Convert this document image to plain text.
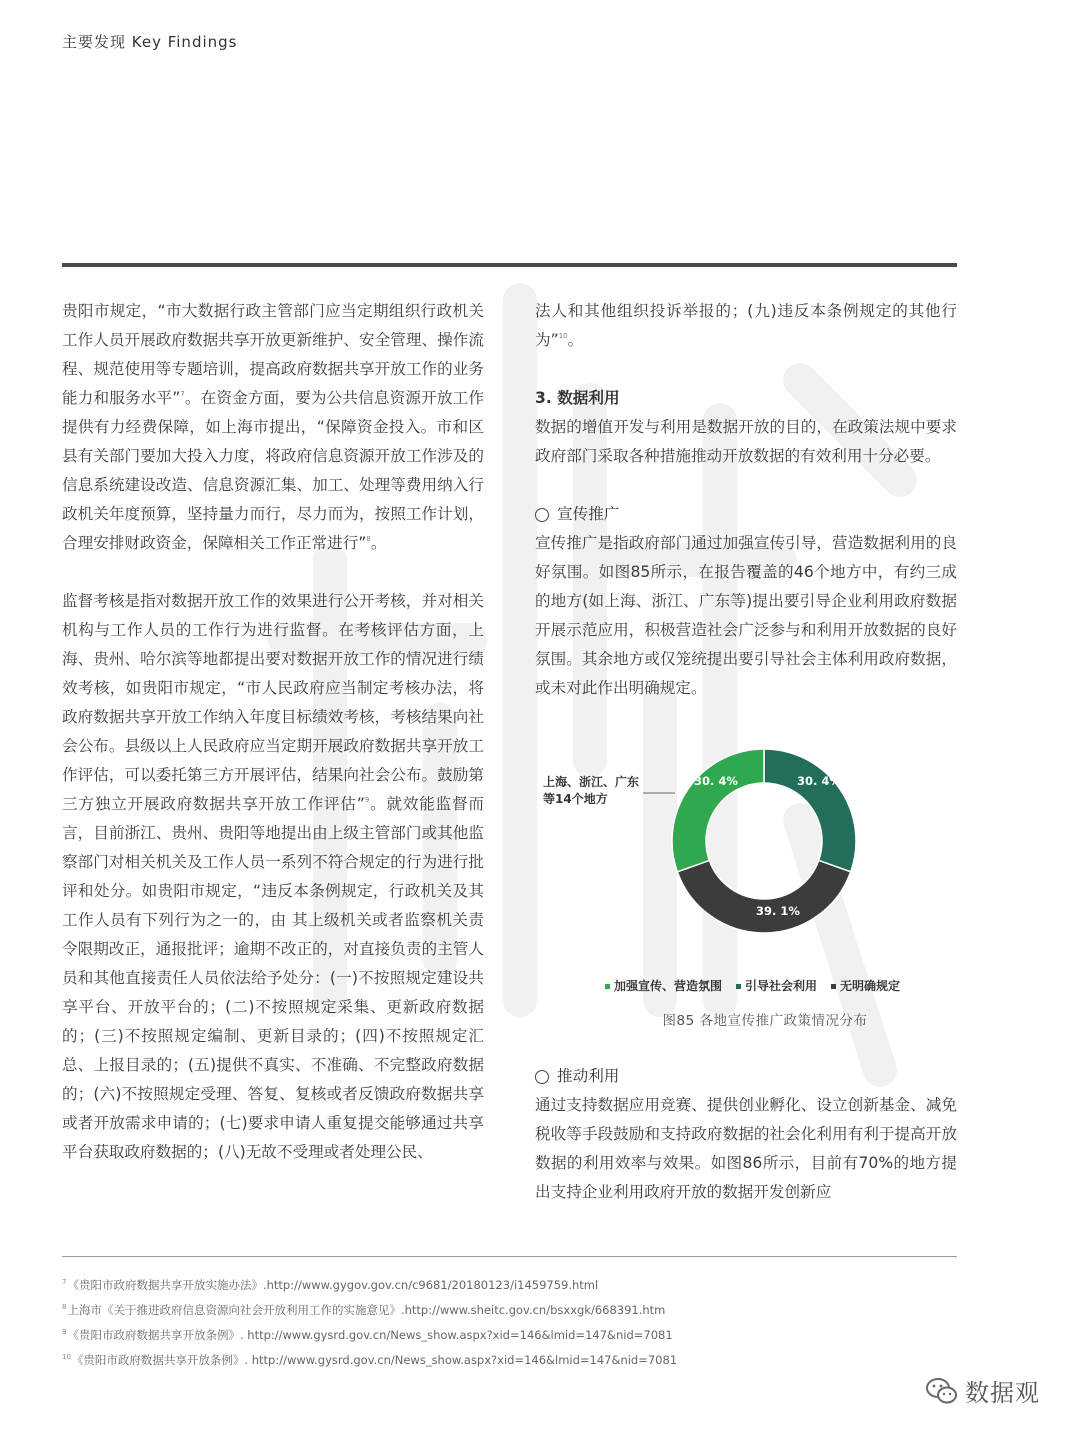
主要发现 Key Findings

贵阳市规定，“市大数据行政主管部门应当定期组织行政机关工作人员开展政府数据共享开放更新维护、安全管理、操作流程、规范使用等专题培训，提高政府数据共享开放工作的业务能力和服务水平”$^7$。在资金方面，要为公共信息资源开放工作提供有力经费保障，如上海市提出，“保障资金投入。市和区县有关部门要加大投入力度，将政府信息资源开放工作涉及的信息系统建设改造、信息资源汇集、加工、处理等费用纳入行政机关年度预算，坚持量力而行，尽力而为，按照工作计划，合理安排财政资金，保障相关工作正常进行”$^8$。

监督考核是指对数据开放工作的效果进行公开考核，并对相关机构与工作人员的工作行为进行监督。在考核评估方面，上海、贵州、哈尔滨等地都提出要对数据开放工作的情况进行绩效考核，如贵阳市规定，“市人民政府应当制定考核办法，将政府数据共享开放工作纳入年度目标绩效考核，考核结果向社会公布。县级以上人民政府应当定期开展政府数据共享开放工作评估，可以委托第三方开展评估，结果向社会公布。鼓励第三方独立开展政府数据共享开放工作评估”$^9$。就效能监督而言，目前浙江、贵州、贵阳等地提出由上级主管部门或其他监察部门对相关机关及工作人员一系列不符合规定的行为进行批评和处分。如贵阳市规定，“违反本条例规定，行政机关及其工作人员有下列行为之一的，由 其上级机关或者监察机关责令限期改正，通报批评；逾期不改正的，对直接负责的主管人员和其他直接责任人员依法给予处分：(一)不按照规定建设共享平台、开放平台的；(二)不按照规定采集、更新政府数据的；(三)不按照规定编制、更新目录的；(四)不按照规定汇总、上报目录的；(五)提供不真实、不准确、不完整政府数据的；(六)不按照规定受理、答复、复核或者反馈政府数据共享或者开放需求申请的；(七)要求申请人重复提交能够通过共享平台获取政府数据的；(八)无故不受理或者处理公民、

法人和其他组织投诉举报的；(九)违反本条例规定的其他行为”$^{10}$。

3. 数据利用

数据的增值开发与利用是数据开放的目的，在政策法规中要求政府部门采取各种措施推动开放数据的有效利用十分必要。

宣传推广

宣传推广是指政府部门通过加强宣传引导，营造数据利用的良好氛围。如图85所示，在报告覆盖的46个地方中，有约三成的地方(如上海、浙江、广东等)提出要引导企业利用政府数据开展示范应用，积极营造社会广泛参与和利用开放数据的良好氛围。其余地方或仅笼统提出要引导社会主体利用政府数据，或未对此作出明确规定。

30. 4%
39. 1%
30. 4%
上海、浙江、广东
等14个地方
加强宣传、营造氛围 引导社会利用 无明确规定
图85 各地宣传推广政策情况分布
推动利用

通过支持数据应用竞赛、提供创业孵化、设立创新基金、减免税收等手段鼓励和支持政府数据的社会化利用有利于提高开放数据的利用效率与效果。如图86所示，目前有70%的地方提出支持企业利用政府开放的数据开发创新应

$^7$《贵阳市政府数据共享开放实施办法》.http://www.gygov.gov.cn/c9681/20180123/i1459759.html
$^8$上海市《关于推进政府信息资源向社会开放利用工作的实施意见》.http://www.sheitc.gov.cn/bsxxgk/668391.htm
$^9$《贵阳市政府数据共享开放条例》. http://www.gysrd.gov.cn/News_show.aspx?xid=146&lmid=147&nid=7081
$^{10}$《贵阳市政府数据共享开放条例》. http://www.gysrd.gov.cn/News_show.aspx?xid=146&lmid=147&nid=7081
数据观
